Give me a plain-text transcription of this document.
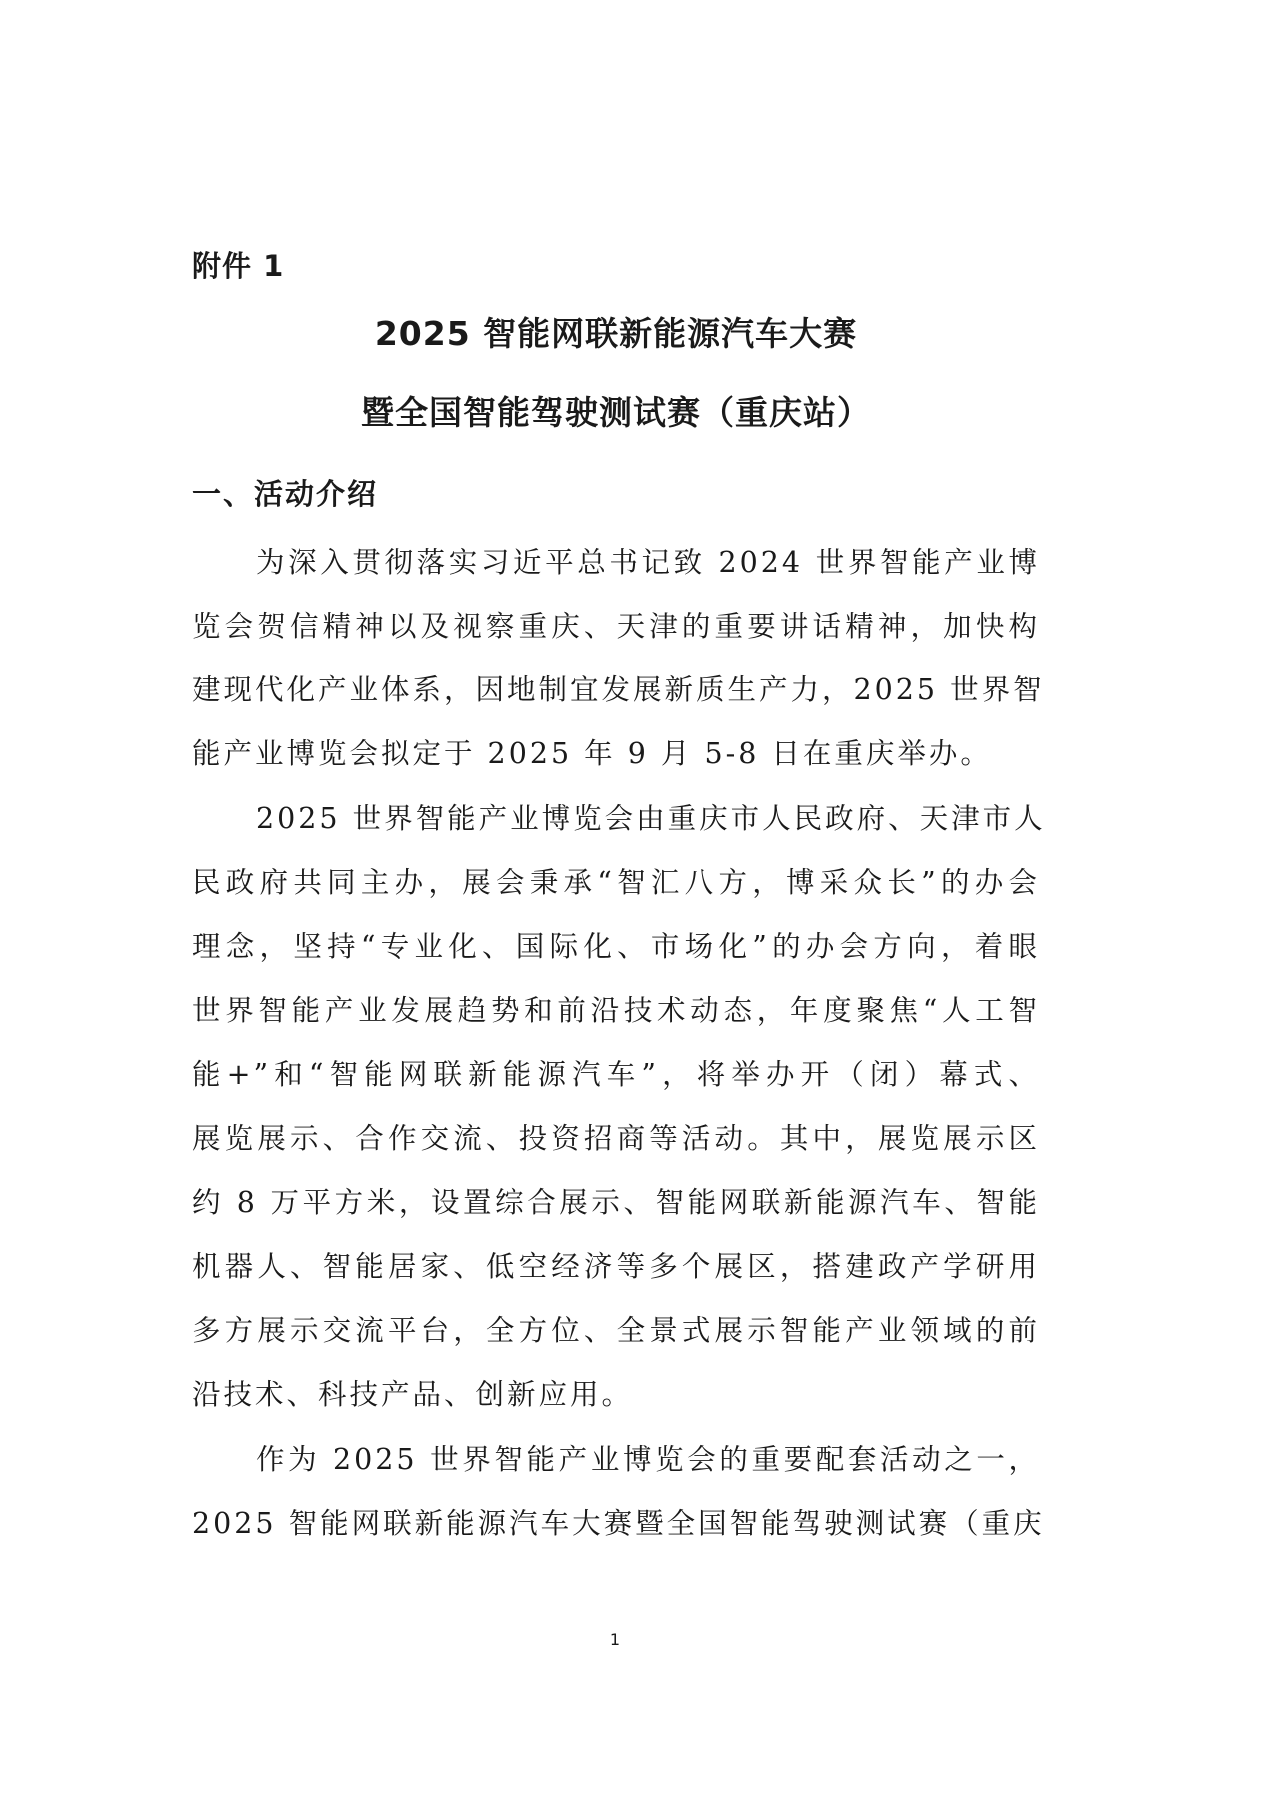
附件 1
2025 智能网联新能源汽车大赛
暨全国智能驾驶测试赛（重庆站）
一、活动介绍
为深入贯彻落实习近平总书记致 2024 世界智能产业博
览会贺信精神以及视察重庆、天津的重要讲话精神，加快构
建现代化产业体系，因地制宜发展新质生产力，2025 世界智
能产业博览会拟定于 2025 年 9 月 5-8 日在重庆举办。
2025 世界智能产业博览会由重庆市人民政府、天津市人
民政府共同主办，展会秉承“智汇八方，博采众长”的办会
理念，坚持“专业化、国际化、市场化”的办会方向，着眼
世界智能产业发展趋势和前沿技术动态，年度聚焦“人工智
能+”和“智能网联新能源汽车”，将举办开（闭）幕式、
展览展示、合作交流、投资招商等活动。其中，展览展示区
约 8 万平方米，设置综合展示、智能网联新能源汽车、智能
机器人、智能居家、低空经济等多个展区，搭建政产学研用
多方展示交流平台，全方位、全景式展示智能产业领域的前
沿技术、科技产品、创新应用。
作为 2025 世界智能产业博览会的重要配套活动之一，
2025 智能网联新能源汽车大赛暨全国智能驾驶测试赛（重庆
1
